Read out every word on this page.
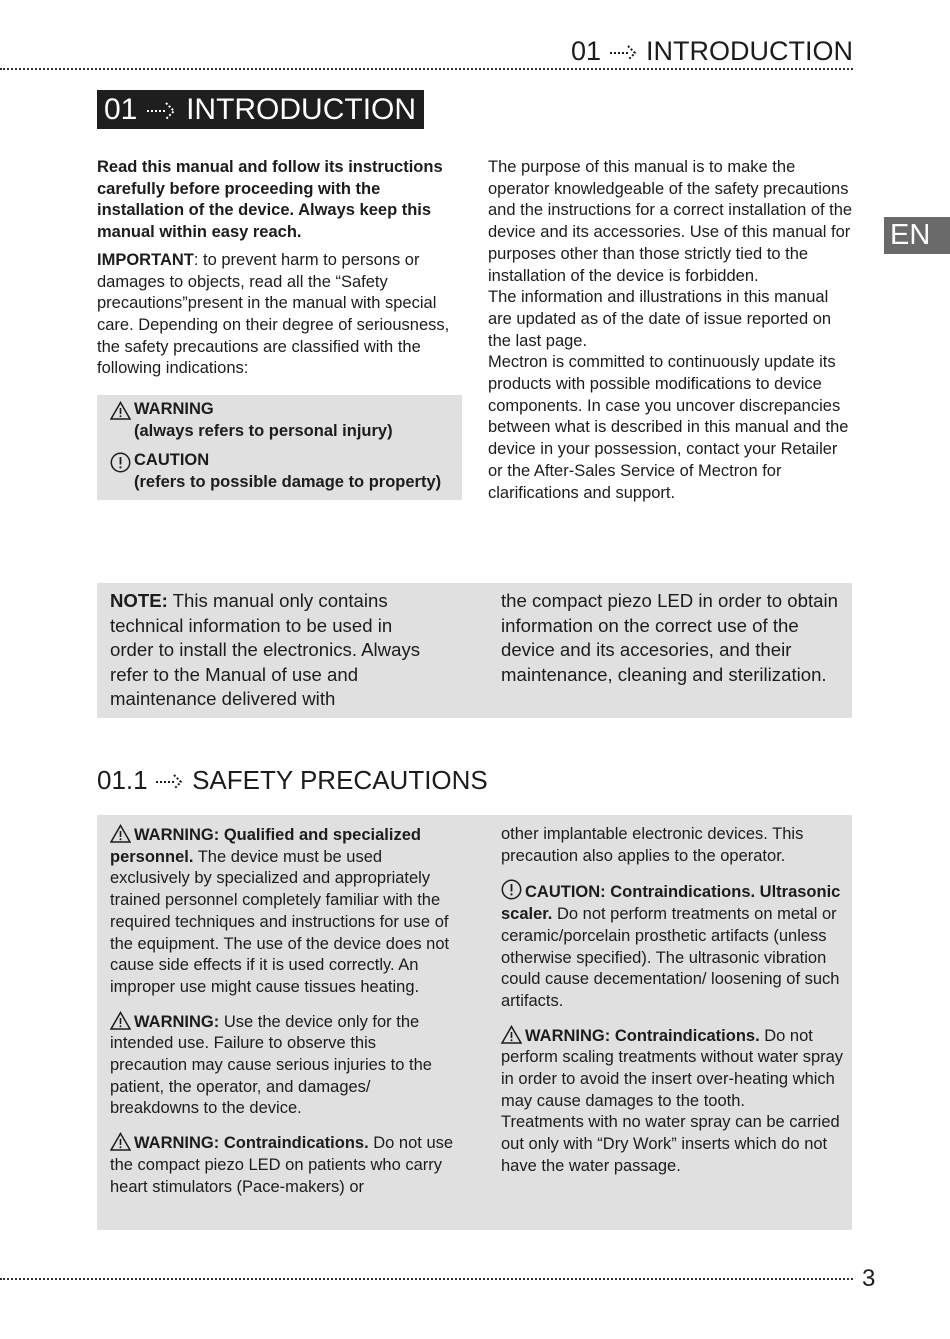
01 INTRODUCTION
EN
01 INTRODUCTION

Read this manual and follow its instructions carefully before proceeding with the installation of the device. Always keep this manual within easy reach.

IMPORTANT: to prevent harm to persons or damages to objects, read all the “Safety precautions”present in the manual with special care. Depending on their degree of seriousness, the safety precautions are classified with the following indications:

WARNING
(always refers to personal injury)
CAUTION
(refers to possible damage to property)

The purpose of this manual is to make the operator knowledgeable of the safety precautions and the instructions for a correct installation of the device and its accessories. Use of this manual for purposes other than those strictly tied to the installation of the device is forbidden.

The information and illustrations in this manual are updated as of the date of issue reported on the last page.

Mectron is committed to continuously update its products with possible modifications to device components. In case you uncover discrepancies between what is described in this manual and the device in your possession, contact your Retailer or the After-Sales Service of Mectron for clarifications and support.

NOTE: This manual only contains technical information to be used in order to install the electronics. Always refer to the Manual of use and maintenance delivered with
the compact piezo LED in order to obtain information on the correct use of the device and its accesories, and their maintenance, cleaning and sterilization.
01.1 SAFETY PRECAUTIONS

WARNING: Qualified and specialized personnel. The device must be used exclusively by specialized and appropriately trained personnel completely familiar with the required techniques and instructions for use of the equipment. The use of the device does not cause side effects if it is used correctly. An improper use might cause tissues heating.

WARNING: Use the device only for the intended use. Failure to observe this precaution may cause serious injuries to the patient, the operator, and damages/ breakdowns to the device.

WARNING: Contraindications. Do not use the compact piezo LED on patients who carry heart stimulators (Pace-makers) or

other implantable electronic devices. This precaution also applies to the operator.

CAUTION: Contraindications. Ultrasonic scaler. Do not perform treatments on metal or ceramic/porcelain prosthetic artifacts (unless otherwise specified). The ultrasonic vibration could cause decementation/ loosening of such artifacts.

WARNING: Contraindications. Do not perform scaling treatments without water spray in order to avoid the insert over-heating which may cause damages to the tooth.

Treatments with no water spray can be carried out only with “Dry Work” inserts which do not have the water passage.

3
